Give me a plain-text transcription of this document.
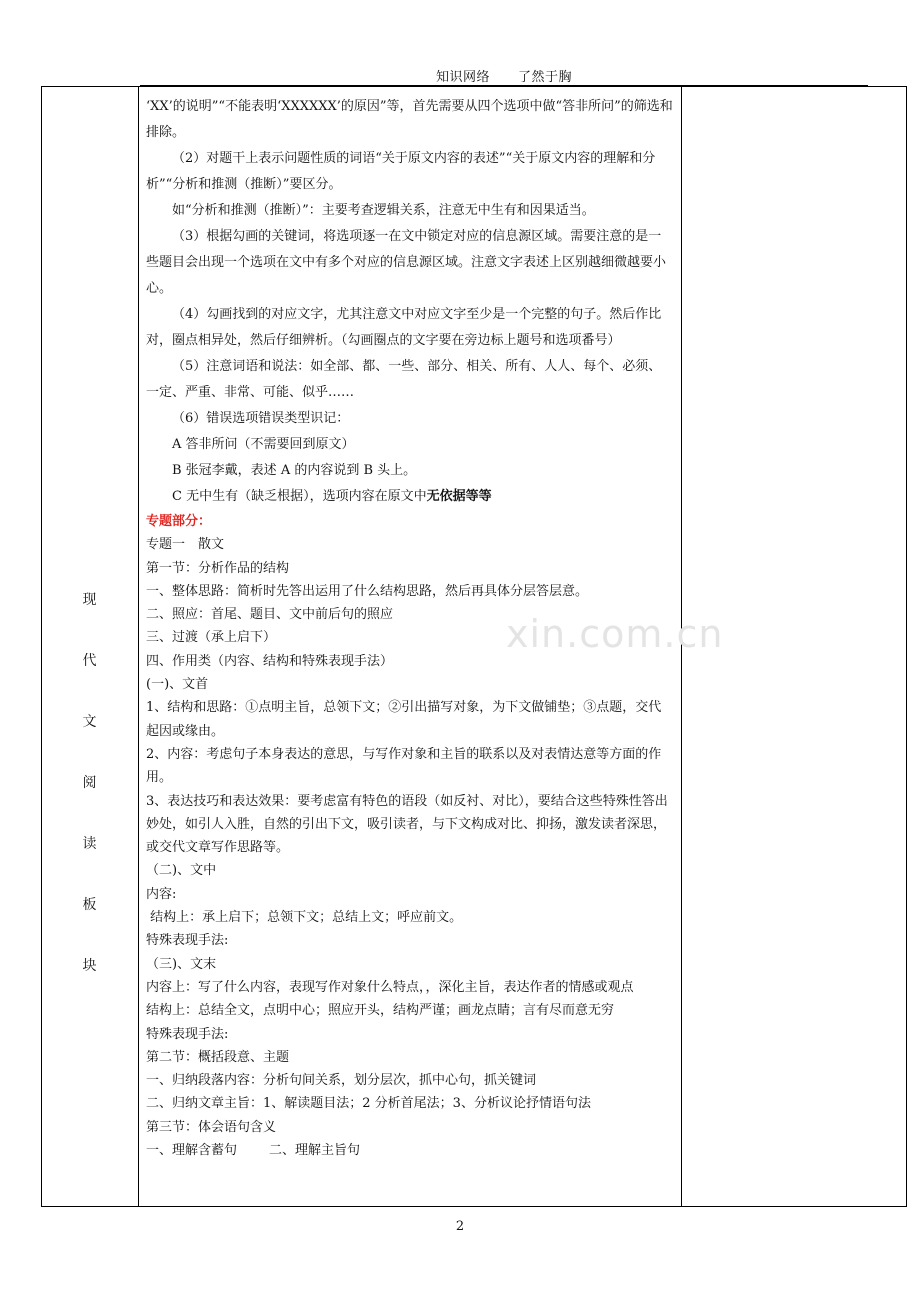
知识网络 了然于胸
现
代
文
阅
读
板
块
xin.com.cn

‘XX’的说明”“不能表明‘XXXXXX’的原因”等，首先需要从四个选项中做“答非所问”的筛选和排除。

（2）对题干上表示问题性质的词语“关于原文内容的表述”“关于原文内容的理解和分析”“分析和推测（推断）”要区分。

如“分析和推测（推断）”：主要考查逻辑关系，注意无中生有和因果适当。

（3）根据勾画的关键词，将选项逐一在文中锁定对应的信息源区域。需要注意的是一些题目会出现一个选项在文中有多个对应的信息源区域。注意文字表述上区别越细微越要小心。

（4）勾画找到的对应文字，尤其注意文中对应文字至少是一个完整的句子。然后作比对，圈点相异处，然后仔细辨析。（勾画圈点的文字要在旁边标上题号和选项番号）

（5）注意词语和说法：如全部、都、一些、部分、相关、所有、人人、每个、必须、一定、严重、非常、可能、似乎……

（6）错误选项错误类型识记：

A 答非所问（不需要回到原文）

B 张冠李戴，表述 A 的内容说到 B 头上。

C 无中生有（缺乏根据），选项内容在原文中无依据等等

专题部分：

专题一　散文

第一节：分析作品的结构

一、整体思路：简析时先答出运用了什么结构思路，然后再具体分层答层意。

二、照应：首尾、题目、文中前后句的照应

三、过渡（承上启下）

四、作用类（内容、结构和特殊表现手法）

(一)、文首

1、结构和思路：①点明主旨，总领下文；②引出描写对象，为下文做铺垫；③点题，交代起因或缘由。

2、内容：考虑句子本身表达的意思，与写作对象和主旨的联系以及对表情达意等方面的作用。

3、表达技巧和表达效果：要考虑富有特色的语段（如反衬、对比），要结合这些特殊性答出妙处，如引人入胜，自然的引出下文，吸引读者，与下文构成对比、抑扬，激发读者深思，或交代文章写作思路等。

（二)、文中

内容:

结构上：承上启下；总领下文；总结上文；呼应前文。

特殊表现手法:

（三)、文末

内容上：写了什么内容，表现写作对象什么特点，，深化主旨，表达作者的情感或观点

结构上：总结全文，点明中心；照应开头，结构严谨；画龙点睛；言有尽而意无穷

特殊表现手法:

第二节：概括段意、主题

一、归纳段落内容：分析句间关系，划分层次，抓中心句，抓关键词

二、归纳文章主旨：1、解读题目法；2 分析首尾法；3、分析议论抒情语句法

第三节：体会语句含义

一、理解含蓄句 二、理解主旨句

2
